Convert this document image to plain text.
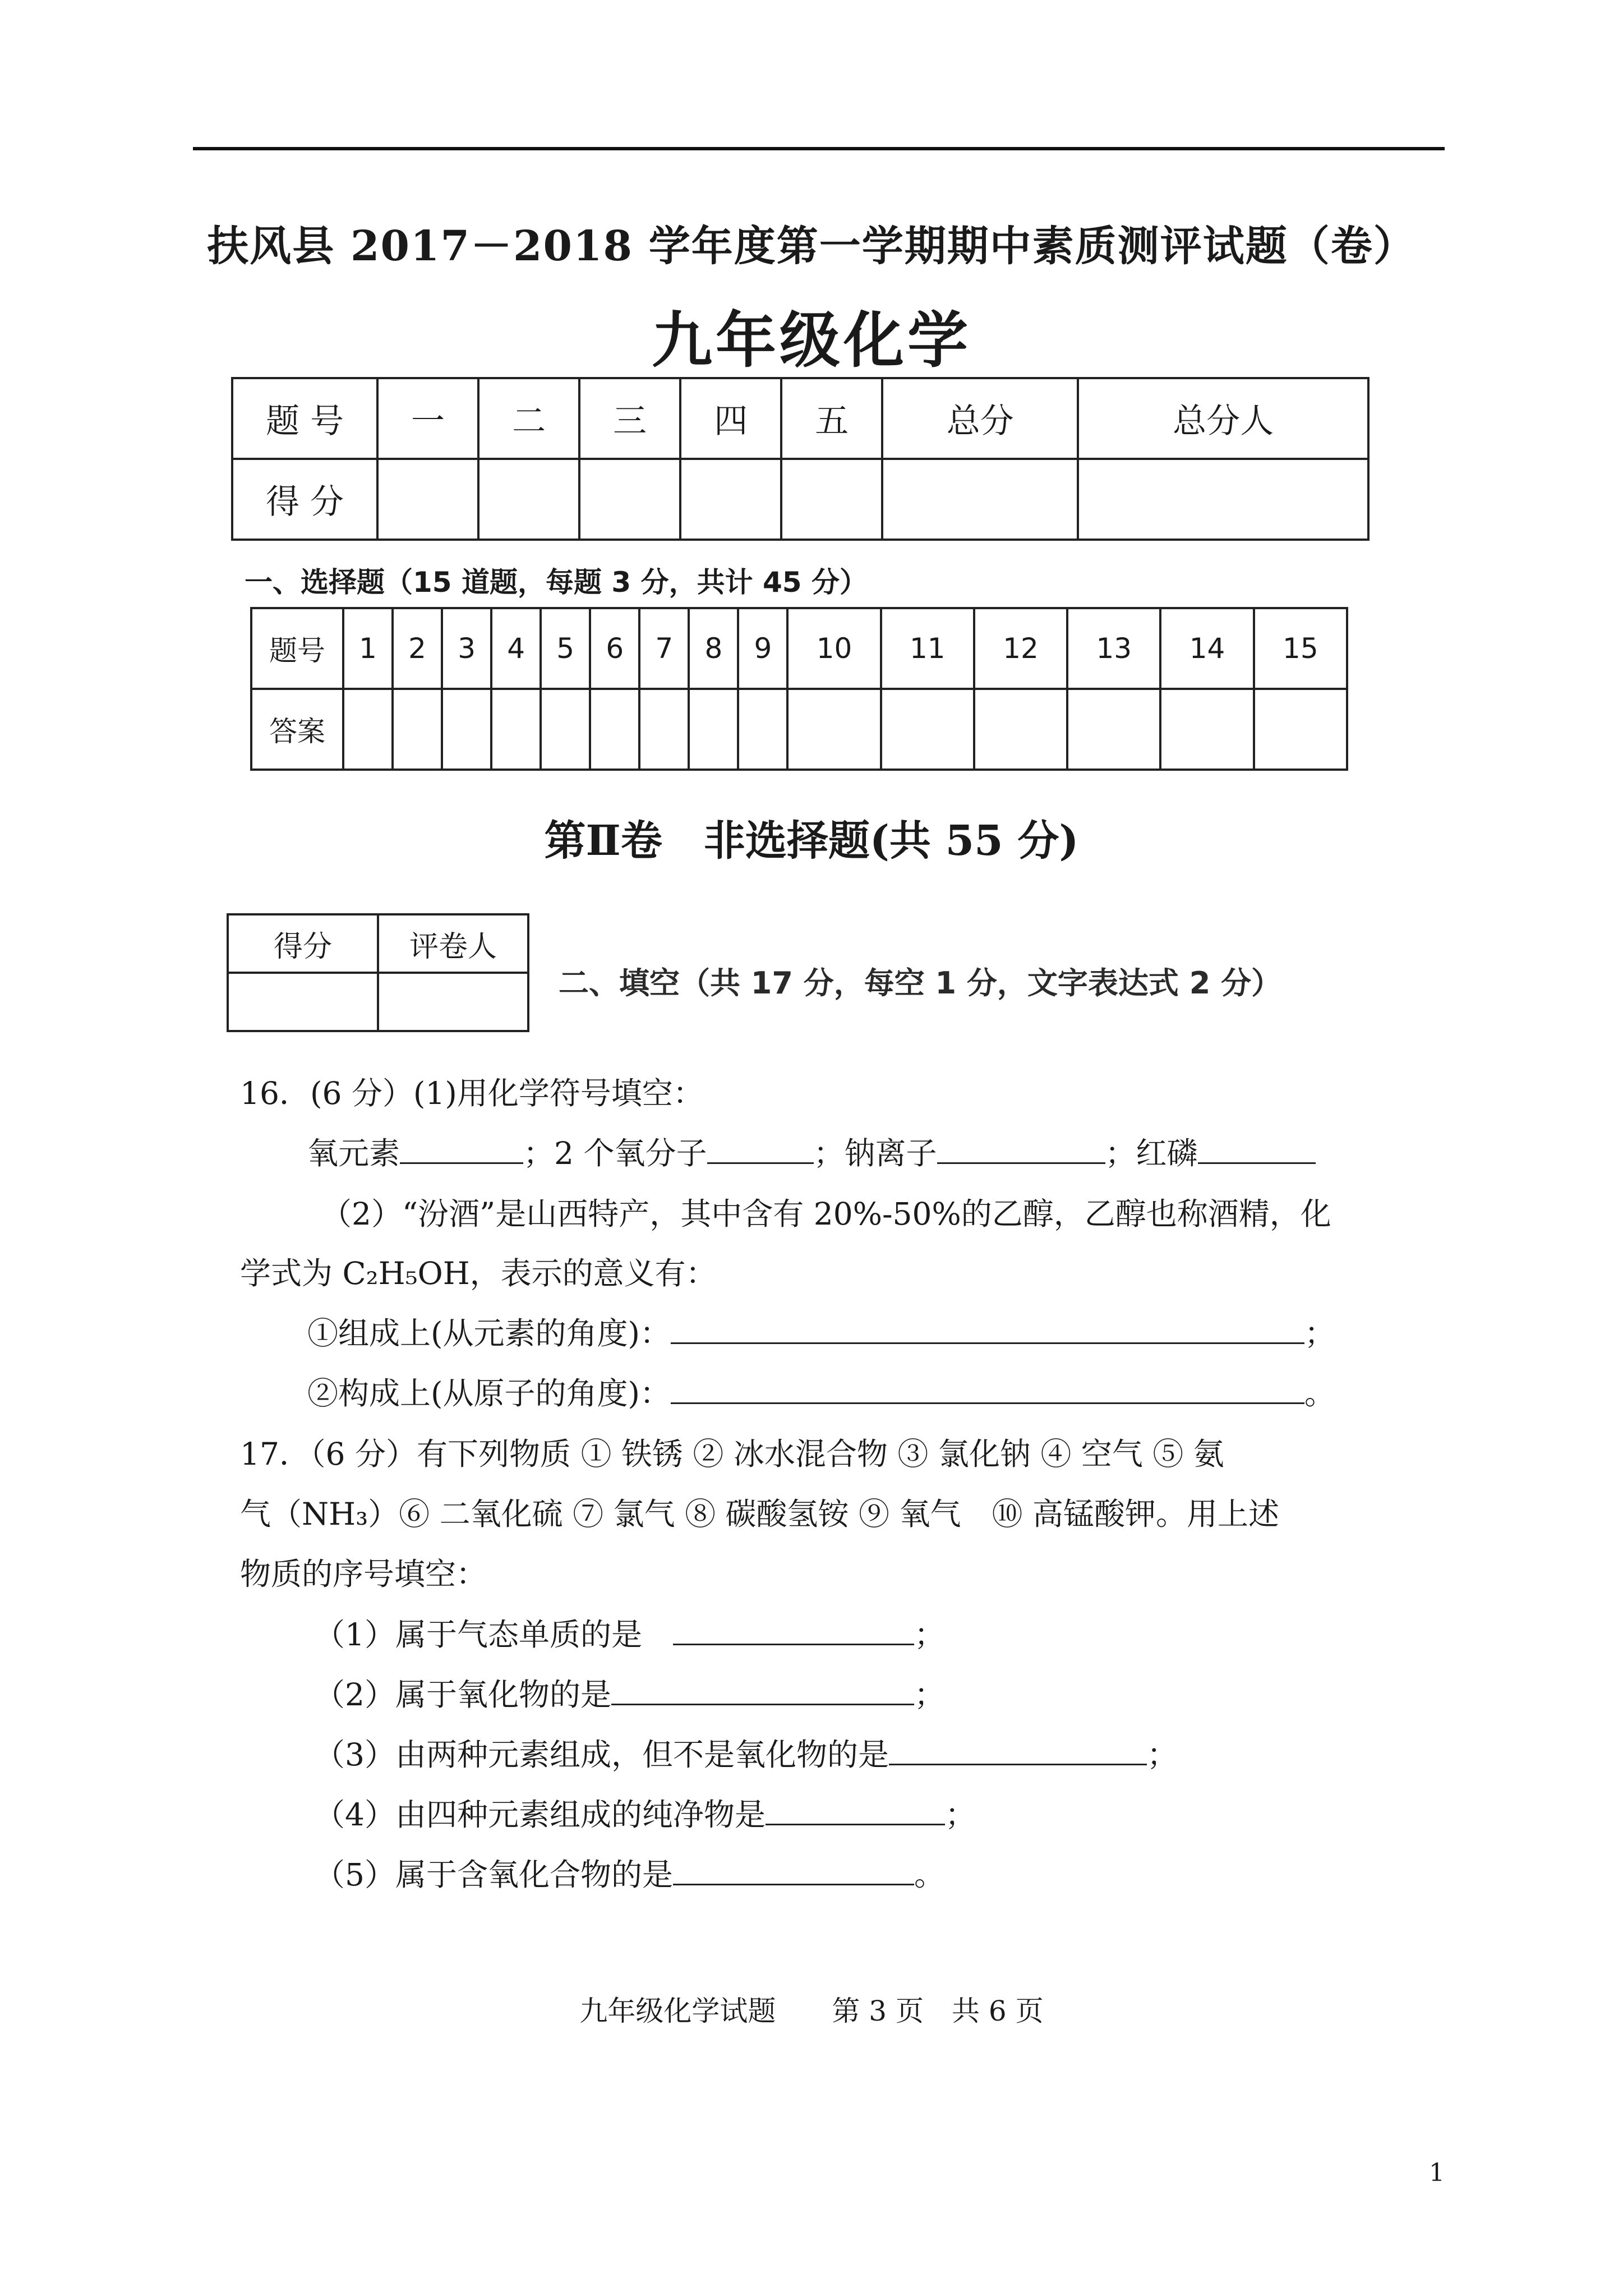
扶风县 2017－2018 学年度第一学期期中素质测评试题（卷）
九年级化学
题 号	一	二	三	四	五	总分	总分人
得 分							
一、选择题（15 道题，每题 3 分，共计 45 分）
题号	1	2	3	4	5	6	7	8	9	10	11	12	13	14	15
答案															
第Ⅱ卷　非选择题(共 55 分)
得分	评卷人

二、填空（共 17 分，每空 1 分，文字表达式 2 分）
16．(6 分）(1)用化学符号填空：
氧元素	；2 个氧分子	；钠离子	；红磷
（2）“汾酒”是山西特产，其中含有 20%-50%的乙醇，乙醇也称酒精，化
学式为 C₂H₅OH，表示的意义有：
①组成上(从元素的角度)：	；
②构成上(从原子的角度)：	。
17．（6 分）有下列物质 ① 铁锈 ② 冰水混合物 ③ 氯化钠 ④ 空气 ⑤ 氨
气（NH₃）⑥ 二氧化硫 ⑦ 氯气 ⑧ 碳酸氢铵 ⑨ 氧气　⑩ 高锰酸钾。用上述
物质的序号填空：
（1）属于气态单质的是　	；
（2）属于氧化物的是	；
（3）由两种元素组成，但不是氧化物的是	；
（4）由四种元素组成的纯净物是	；
（5）属于含氧化合物的是	。
九年级化学试题　　第 3 页　共 6 页
1
